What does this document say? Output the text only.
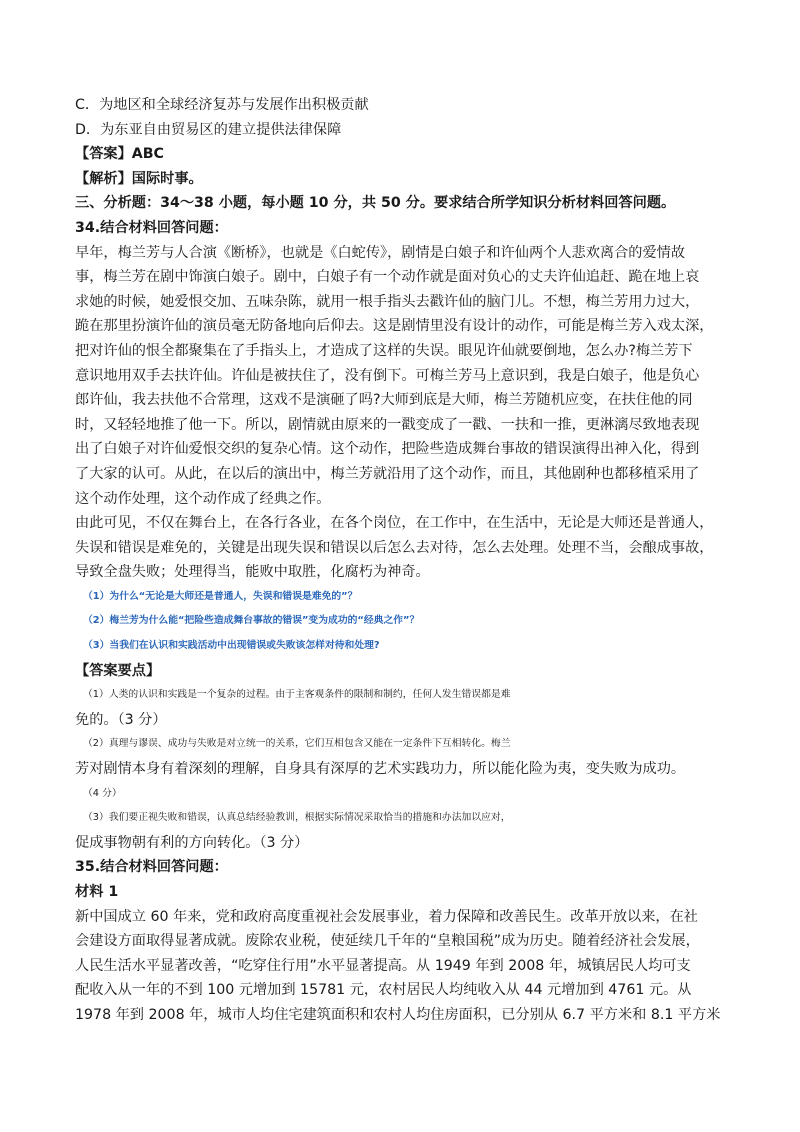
C．为地区和全球经济复苏与发展作出积极贡献
D．为东亚自由贸易区的建立提供法律保障
【答案】ABC
【解析】国际时事。
三、分析题：34～38 小题，每小题 10 分，共 50 分。要求结合所学知识分析材料回答问题。
34.结合材料回答问题：
早年，梅兰芳与人合演《断桥》，也就是《白蛇传》，剧情是白娘子和许仙两个人悲欢离合的爱情故
事，梅兰芳在剧中饰演白娘子。剧中，白娘子有一个动作就是面对负心的丈夫许仙追赶、跪在地上哀
求她的时候，她爱恨交加、五味杂陈，就用一根手指头去戳许仙的脑门儿。不想，梅兰芳用力过大，
跪在那里扮演许仙的演员毫无防备地向后仰去。这是剧情里没有设计的动作，可能是梅兰芳入戏太深，
把对许仙的恨全都聚集在了手指头上，才造成了这样的失误。眼见许仙就要倒地，怎么办?梅兰芳下
意识地用双手去扶许仙。许仙是被扶住了，没有倒下。可梅兰芳马上意识到，我是白娘子，他是负心
郎许仙，我去扶他不合常理，这戏不是演砸了吗?大师到底是大师，梅兰芳随机应变，在扶住他的同
时，又轻轻地推了他一下。所以，剧情就由原来的一戳变成了一戳、一扶和一推，更淋漓尽致地表现
出了白娘子对许仙爱恨交织的复杂心情。这个动作，把险些造成舞台事故的错误演得出神入化，得到
了大家的认可。从此，在以后的演出中，梅兰芳就沿用了这个动作，而且，其他剧种也都移植采用了
这个动作处理，这个动作成了经典之作。
由此可见，不仅在舞台上，在各行各业，在各个岗位，在工作中，在生活中，无论是大师还是普通人，
失误和错误是难免的，关键是出现失误和错误以后怎么去对待，怎么去处理。处理不当，会酿成事故，
导致全盘失败；处理得当，能败中取胜，化腐朽为神奇。
（1）为什么“无论是大师还是普通人，失误和错误是难免的”？
（2）梅兰芳为什么能“把险些造成舞台事故的错误”变为成功的“经典之作”？
（3）当我们在认识和实践活动中出现错误或失败该怎样对待和处理?
【答案要点】
（1）人类的认识和实践是一个复杂的过程。由于主客观条件的限制和制约，任何人发生错误都是难
免的。（3 分）
（2）真理与谬误、成功与失败是对立统一的关系，它们互相包含又能在一定条件下互相转化。梅兰
芳对剧情本身有着深刻的理解，自身具有深厚的艺术实践功力，所以能化险为夷，变失败为成功。
（4 分）
（3）我们要正视失败和错误，认真总结经验教训，根据实际情况采取恰当的措施和办法加以应对，
促成事物朝有利的方向转化。（3 分）
35.结合材料回答问题：
材料 1
新中国成立 60 年来，党和政府高度重视社会发展事业，着力保障和改善民生。改革开放以来，在社
会建设方面取得显著成就。废除农业税，使延续几千年的“皇粮国税”成为历史。随着经济社会发展，
人民生活水平显著改善，“吃穿住行用”水平显著提高。从 1949 年到 2008 年，城镇居民人均可支
配收入从一年的不到 100 元增加到 15781 元，农村居民人均纯收入从 44 元增加到 4761 元。从
1978 年到 2008 年，城市人均住宅建筑面积和农村人均住房面积，已分别从 6.7 平方米和 8.1 平方米
